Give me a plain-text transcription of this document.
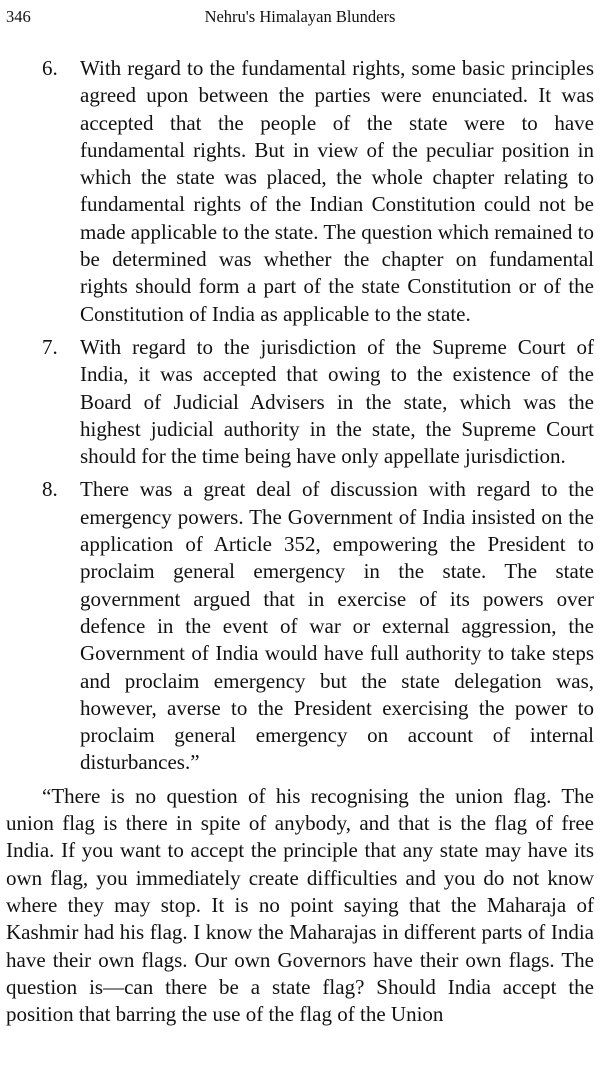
346	Nehru's Himalayan Blunders
6.	With regard to the fundamental rights, some basic principles agreed upon between the parties were enunciated. It was accepted that the people of the state were to have fundamental rights. But in view of the peculiar position in which the state was placed, the whole chapter relating to fundamental rights of the Indian Constitution could not be made applicable to the state. The question which remained to be determined was whether the chapter on fundamental rights should form a part of the state Constitution or of the Constitution of India as applicable to the state.
7.	With regard to the jurisdiction of the Supreme Court of India, it was accepted that owing to the existence of the Board of Judicial Advisers in the state, which was the highest judicial authority in the state, the Supreme Court should for the time being have only appellate jurisdiction.
8.	There was a great deal of discussion with regard to the emergency powers. The Government of India insisted on the application of Article 352, empowering the President to proclaim general emergency in the state. The state government argued that in exercise of its powers over defence in the event of war or external aggression, the Government of India would have full authority to take steps and proclaim emergency but the state delegation was, however, averse to the President exercising the power to proclaim general emergency on account of internal disturbances.”

“There is no question of his recognising the union flag. The union flag is there in spite of anybody, and that is the flag of free India. If you want to accept the principle that any state may have its own flag, you immediately create difficulties and you do not know where they may stop. It is no point saying that the Maharaja of Kashmir had his flag. I know the Maharajas in different parts of India have their own flags. Our own Governors have their own flags. The question is—can there be a state flag? Should India accept the position that barring the use of the flag of the Union
